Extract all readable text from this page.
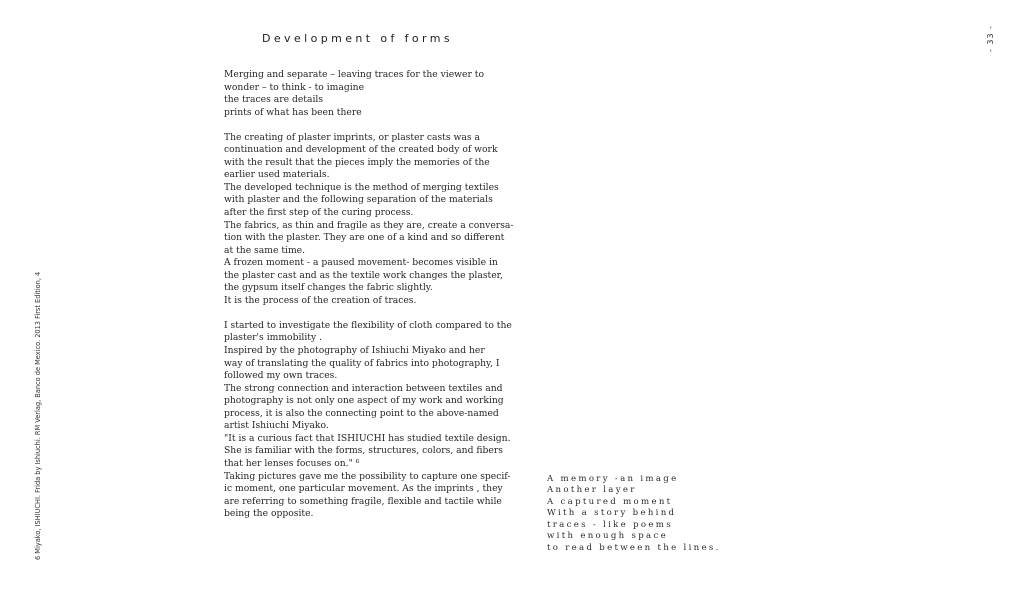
Development of forms	- 33 -
6 Miyako, ISHIUCHI. Frida by Ishiuchi. RM Verlag, Banco de Mexico. 2013 First Edition, 4
Merging and separate – leaving traces for the viewer to
wonder – to think - to imagine
the traces are details
prints of what has been there
The creating of plaster imprints, or plaster casts was a
continuation and development of the created body of work
with the result that the pieces imply the memories of the
earlier used materials.
The developed technique is the method of merging textiles
with plaster and the following separation of the materials
after the first step of the curing process.
The fabrics, as thin and fragile as they are, create a conversa-
tion with the plaster. They are one of a kind and so different
at the same time.
A frozen moment - a paused movement- becomes visible in
the plaster cast and as the textile work changes the plaster,
the gypsum itself changes the fabric slightly.
It is the process of the creation of traces.
I started to investigate the flexibility of cloth compared to the
plaster's immobility .
Inspired by the photography of Ishiuchi Miyako and her
way of translating the quality of fabrics into photography, I
followed my own traces.
The strong connection and interaction between textiles and
photography is not only one aspect of my work and working
process, it is also the connecting point to the above-named
artist Ishiuchi Miyako.
"It is a curious fact that ISHIUCHI has studied textile design.
She is familiar with the forms, structures, colors, and fibers
that her lenses focuses on." ⁶
Taking pictures gave me the possibility to capture one specif-
ic moment, one particular movement. As the imprints , they
are referring to something fragile, flexible and tactile while
being the opposite.
A memory -an image
Another layer
A captured moment
With a story behind
traces - like poems
with enough space
to read between the lines.
